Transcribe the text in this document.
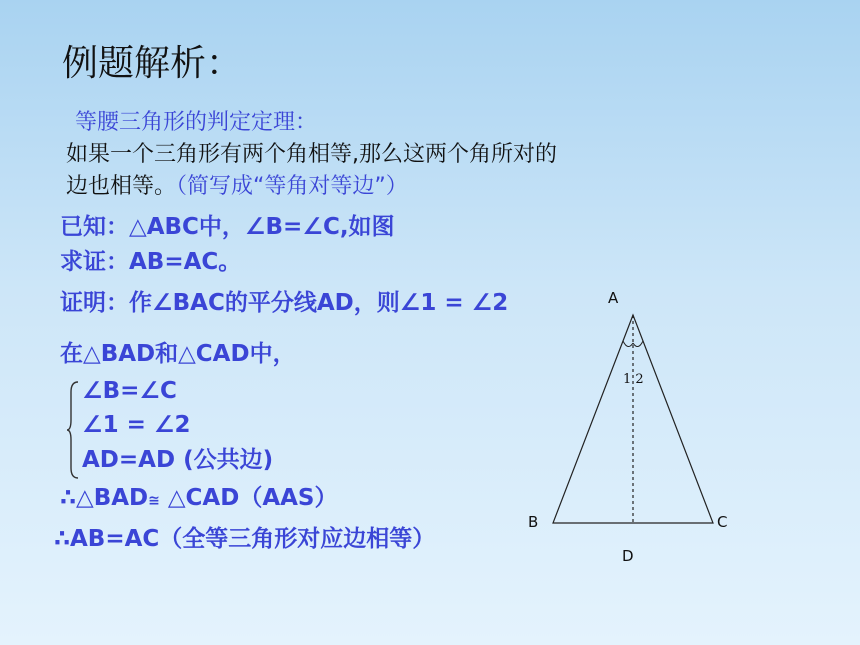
例题解析：
等腰三角形的判定定理：
如果一个三角形有两个角相等,那么这两个角所对的
边也相等。（简写成“等角对等边”）
已知：△ABC中，∠B=∠C,如图
求证：AB=AC。
证明：作∠BAC的平分线AD，则∠1 = ∠2
在△BAD和△CAD中，
∠B=∠C
∠1 = ∠2
AD=AD (公共边)
∴△BAD≅ △CAD（AAS）
∴AB=AC（全等三角形对应边相等）
A
B	C
D
1 2
